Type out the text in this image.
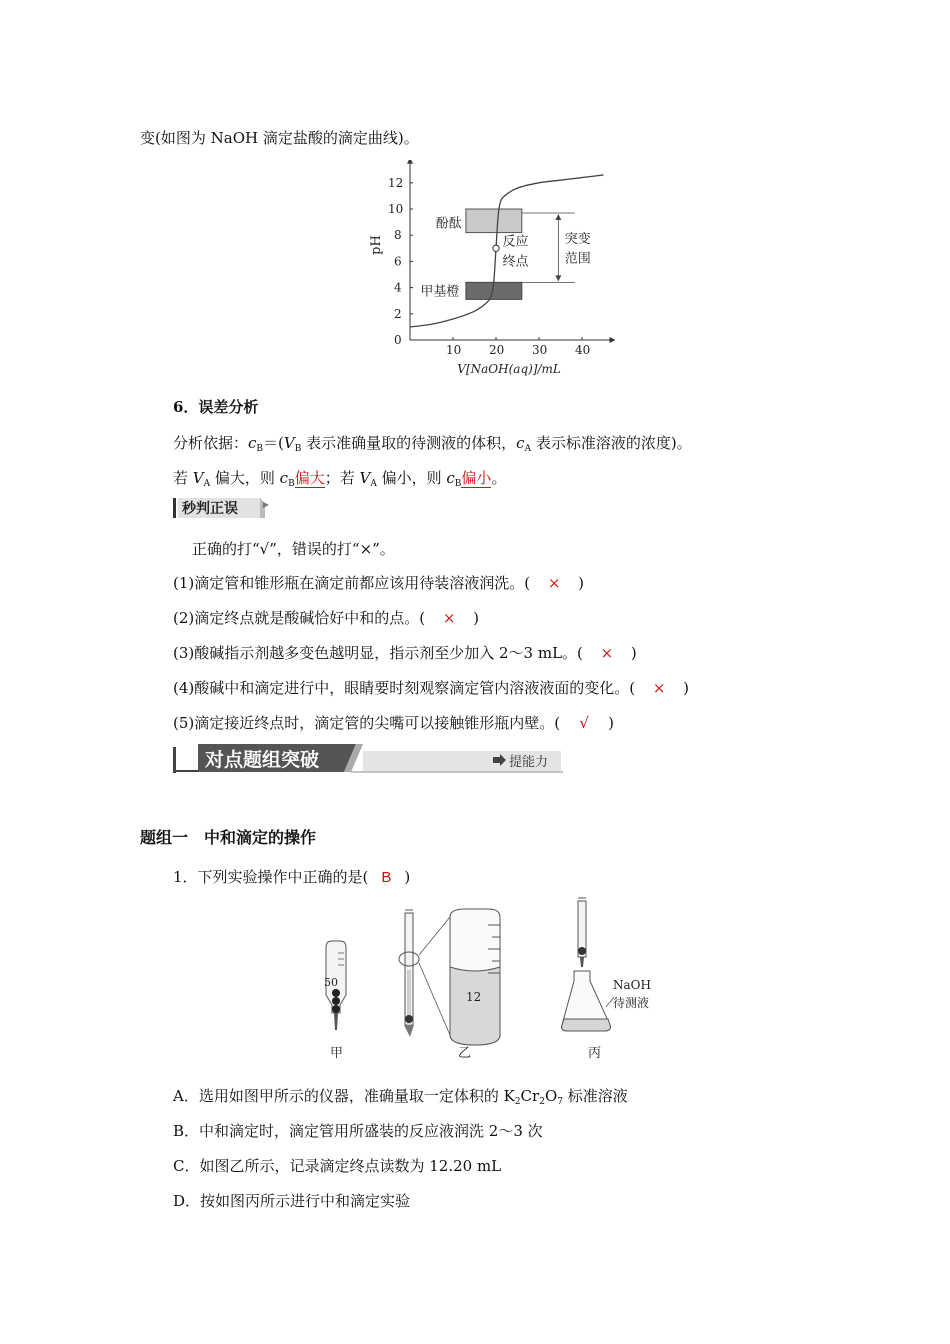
变(如图为 NaOH 滴定盐酸的滴定曲线)。
10 20 30 40
0
2
4
6
8
10
12
pH
V[NaOH(aq)]/mL
酚酞
甲基橙
反应
终点
突变
范围
6．误差分析
分析依据：$c_B=(V_B$ 表示准确量取的待测液的体积，$c_A$ 表示标准溶液的浓度)。
若 $V_A$ 偏大，则 $c_B$偏大；若 $V_A$ 偏小，则 $c_B$偏小。
秒判正误
正确的打“√”，错误的打“×”。
(1)滴定管和锥形瓶在滴定前都应该用待装溶液润洗。( × )
(2)滴定终点就是酸碱恰好中和的点。( × )
(3)酸碱指示剂越多变色越明显，指示剂至少加入 2～3 mL。( × )
(4)酸碱中和滴定进行中，眼睛要时刻观察滴定管内溶液液面的变化。( × )
(5)滴定接近终点时，滴定管的尖嘴可以接触锥形瓶内壁。( √ )
对点题组突破	提能力
题组一　中和滴定的操作
1．下列实验操作中正确的是( B )
50
12
NaOH
待测液
甲	乙	丙
A．选用如图甲所示的仪器，准确量取一定体积的 $K_2Cr_2O_7$ 标准溶液
B．中和滴定时，滴定管用所盛装的反应液润洗 2～3 次
C．如图乙所示，记录滴定终点读数为 12.20 mL
D．按如图丙所示进行中和滴定实验
